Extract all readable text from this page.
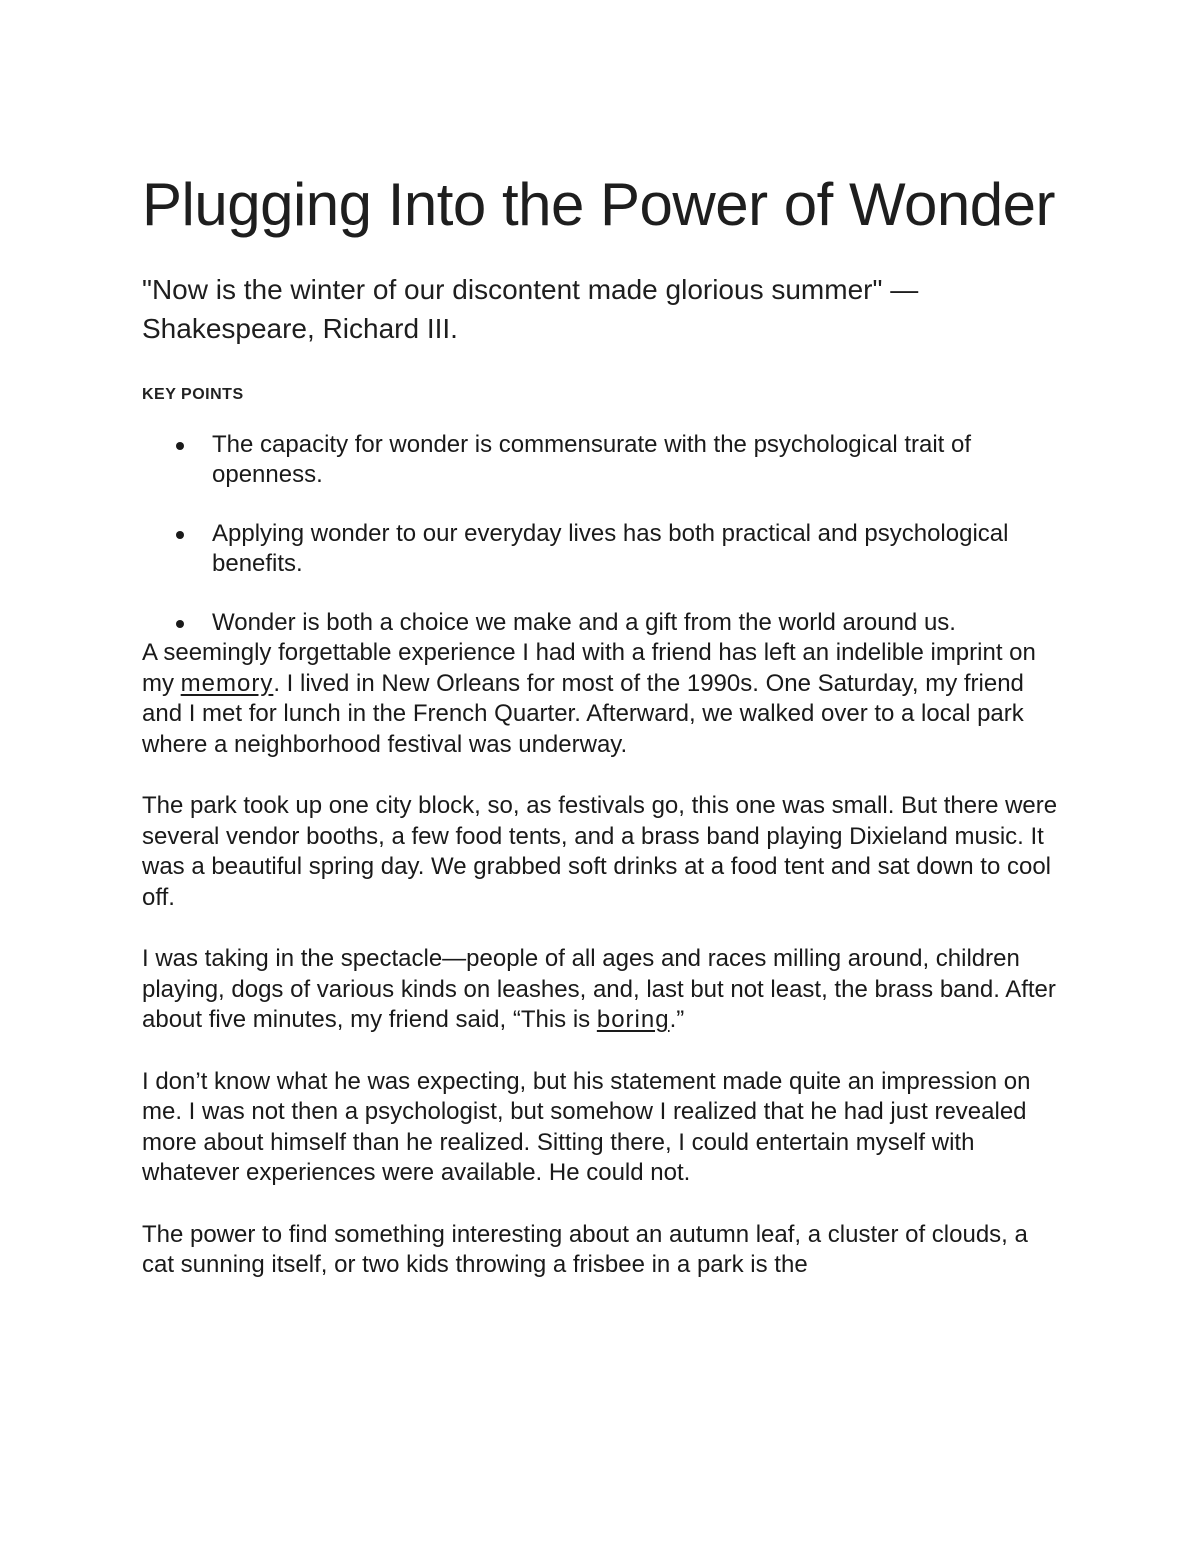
Plugging Into the Power of Wonder

"Now is the winter of our discontent made glorious summer" — Shakespeare, Richard III.

KEY POINTS
The capacity for wonder is commensurate with the psychological trait of openness.
Applying wonder to our everyday lives has both practical and psychological benefits.
Wonder is both a choice we make and a gift from the world around us.

A seemingly forgettable experience I had with a friend has left an indelible imprint on my memory. I lived in New Orleans for most of the 1990s. One Saturday, my friend and I met for lunch in the French Quarter. Afterward, we walked over to a local park where a neighborhood festival was underway.

The park took up one city block, so, as festivals go, this one was small. But there were several vendor booths, a few food tents, and a brass band playing Dixieland music. It was a beautiful spring day. We grabbed soft drinks at a food tent and sat down to cool off.

I was taking in the spectacle—people of all ages and races milling around, children playing, dogs of various kinds on leashes, and, last but not least, the brass band. After about five minutes, my friend said, “This is boring.”

I don’t know what he was expecting, but his statement made quite an impression on me. I was not then a psychologist, but somehow I realized that he had just revealed more about himself than he realized. Sitting there, I could entertain myself with whatever experiences were available. He could not.

The power to find something interesting about an autumn leaf, a cluster of clouds, a cat sunning itself, or two kids throwing a frisbee in a park is the
